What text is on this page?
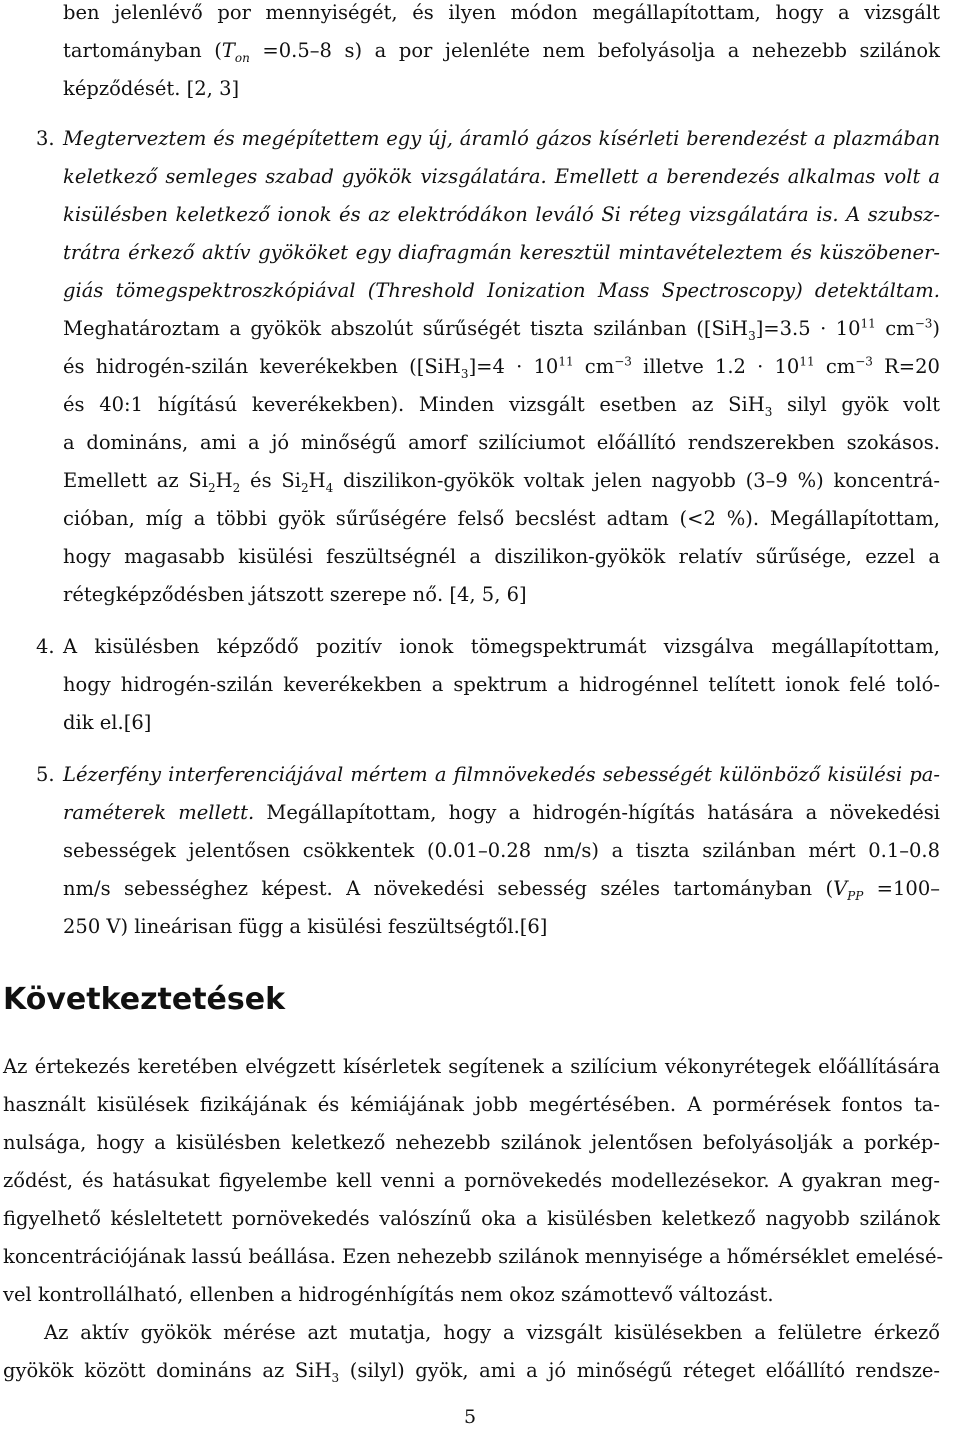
ben jelenlévő por mennyiségét, és ilyen módon megállapítottam, hogy a vizsgált
tartományban ($T_{on} =0.5-8$ s) a por jelenléte nem befolyásolja a nehezebb szilánok
képződését. [2, 3]
3. Megterveztem és megépítettem egy új, áramló gázos kísérleti berendezést a plazmában
keletkező semleges szabad gyökök vizsgálatára. Emellett a berendezés alkalmas volt a
kisülésben keletkező ionok és az elektródákon leváló Si réteg vizsgálatára is. A szubsz-
trátra érkező aktív gyököket egy diafragmán keresztül mintavételeztem és küszöbener-
giás tömegspektroszkópiával (Threshold Ionization Mass Spectroscopy) detektáltam.
Meghatároztam a gyökök abszolút sűrűségét tiszta szilánban ($[SiH_3]=3.5 \cdot 10^{11}$ $cm^{-3}$)
és hidrogén-szilán keverékekben ($[SiH_3]=4 \cdot 10^{11}$ $cm^{-3}$ illetve $1.2 \cdot 10^{11}$ $cm^{-3}$ R=20
és 40:1 hígítású keverékekben). Minden vizsgált esetben az SiH$_3$ silyl gyök volt
a domináns, ami a jó minőségű amorf szilíciumot előállító rendszerekben szokásos.
Emellett az $Si_2H_2$ és $Si_2H_4$ diszilikon-gyökök voltak jelen nagyobb (3–9 %) koncentrá-
cióban, míg a többi gyök sűrűségére felső becslést adtam (<2 %). Megállapítottam,
hogy magasabb kisülési feszültségnél a diszilikon-gyökök relatív sűrűsége, ezzel a
rétegképződésben játszott szerepe nő. [4, 5, 6]
4. A kisülésben képződő pozitív ionok tömegspektrumát vizsgálva megállapítottam,
hogy hidrogén-szilán keverékekben a spektrum a hidrogénnel telített ionok felé toló-
dik el.[6]
5. Lézerfény interferenciájával mértem a filmnövekedés sebességét különböző kisülési pa-
raméterek mellett. Megállapítottam, hogy a hidrogén-hígítás hatására a növekedési
sebességek jelentősen csökkentek (0.01–0.28 nm/s) a tiszta szilánban mért 0.1–0.8
nm/s sebességhez képest. A növekedési sebesség széles tartományban ($V_{PP} =100-$
250 V) lineárisan függ a kisülési feszültségtől.[6]
Következtetések
Az értekezés keretében elvégzett kísérletek segítenek a szilícium vékonyrétegek előállítására
használt kisülések fizikájának és kémiájának jobb megértésében. A pormérések fontos ta-
nulsága, hogy a kisülésben keletkező nehezebb szilánok jelentősen befolyásolják a porkép-
ződést, és hatásukat figyelembe kell venni a pornövekedés modellezésekor. A gyakran meg-
figyelhető késleltetett pornövekedés valószínű oka a kisülésben keletkező nagyobb szilánok
koncentrációjának lassú beállása. Ezen nehezebb szilánok mennyisége a hőmérséklet emelésé-
vel kontrollálható, ellenben a hidrogénhígítás nem okoz számottevő változást.
Az aktív gyökök mérése azt mutatja, hogy a vizsgált kisülésekben a felületre érkező
gyökök között domináns az SiH$_3$ (silyl) gyök, ami a jó minőségű réteget előállító rendsze-
5
